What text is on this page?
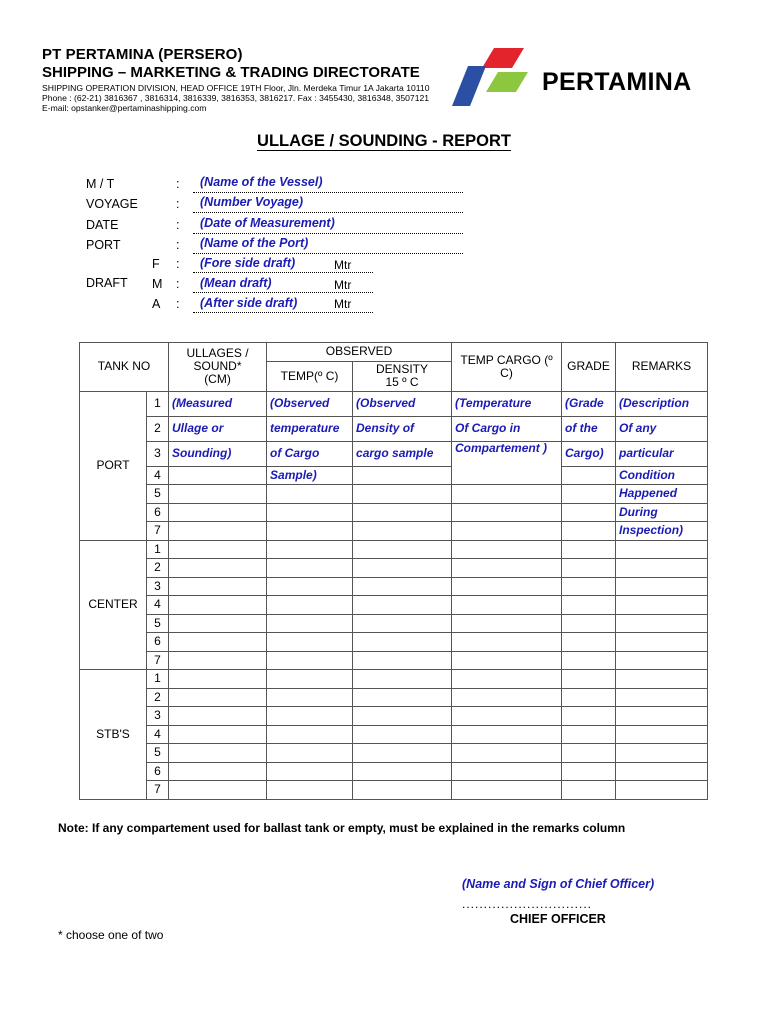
PT PERTAMINA (PERSERO)
SHIPPING – MARKETING & TRADING DIRECTORATE
SHIPPING OPERATION DIVISION, HEAD OFFICE 19TH Floor, Jln. Merdeka Timur 1A Jakarta 10110
Phone : (62-21) 3816367 , 3816314, 3816339, 3816353, 3816217. Fax : 3455430, 3816348, 3507121
E-mail: opstanker@pertaminashipping.com
PERTAMINA
ULLAGE / SOUNDING - REPORT
M / T	: (Name of the Vessel)
VOYAGE	: (Number Voyage)
DATE	: (Date of Measurement)
PORT	: (Name of the Port)
F : (Fore side draft)	Mtr
DRAFT M : (Mean draft)	Mtr
A : (After side draft)	Mtr
TANK NO		ULLAGES /
SOUND*
(CM)	OBSERVED		TEMP CARGO (º C)	GRADE	REMARKS
			TEMP(º C)	DENSITY
15 º C			

PORT	1	(Measured	(Observed	(Observed	(Temperature	(Grade	(Description
	2	Ullage or	temperature	Density of	Of Cargo in	of the	Of any
	3	Sounding)	of Cargo	cargo sample	Compartement )	Cargo)	particular
	4		Sample)				Condition
	5						Happened
	6						During
	7						Inspection)
CENTER	1						
	2						
	3						
	4						
	5						
	6						
	7						
STB'S	1						
	2						
	3						
	4						
	5						
	6						
	7						
Note: If any compartement used for ballast tank or empty, must be explained in the remarks column
(Name and Sign of Chief Officer)
..............................
CHIEF OFFICER
* choose one of two
